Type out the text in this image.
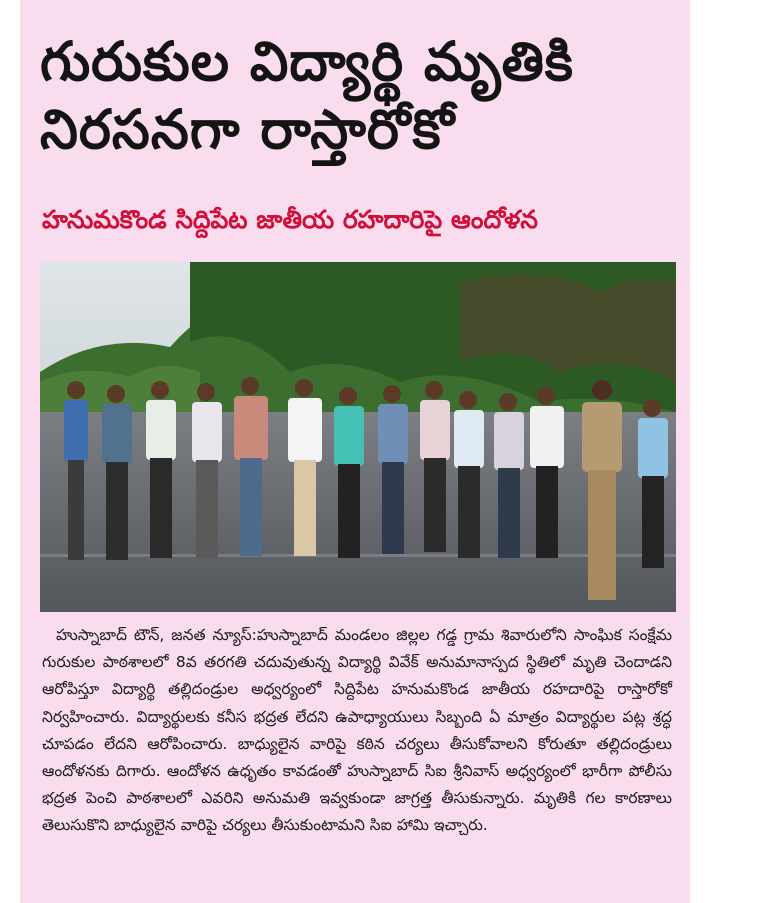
గురుకుల విద్యార్థి మృతికి నిరసనగా రాస్తారోకో
హనుమకొండ సిద్దిపేట జాతీయ రహదారిపై ఆందోళన

హుస్నాబాద్ టౌన్, జనత న్యూస్:హుస్నాబాద్ మండలం జిల్లల గడ్డ గ్రామ శివారులోని సాంఘిక సంక్షేమ గురుకుల పాఠశాలలో 8వ తరగతి చదువుతున్న విద్యార్థి వివేక్ అనుమానాస్పద స్థితిలో మృతి చెందాడని ఆరోపిస్తూ విద్యార్థి తల్లిదండ్రుల అధ్వర్యంలో సిద్దిపేట హనుమకొండ జాతీయ రహదారిపై రాస్తారోకో నిర్వహించారు. విద్యార్థులకు కనీస భద్రత లేదని ఉపాధ్యాయులు సిబ్బంది ఏ మాత్రం విద్యార్థుల పట్ల శ్రద్ధ చూపడం లేదని ఆరోపించారు. బాధ్యులైన వారిపై కఠిన చర్యలు తీసుకోవాలని కోరుతూ తల్లిదండ్రులు ఆందోళనకు దిగారు. ఆందోళన ఉధృతం కావడంతో హుస్నాబాద్ సిఐ శ్రీనివాస్ అధ్వర్యంలో భారీగా పోలీసు భద్రత పెంచి పాఠశాలలో ఎవరిని అనుమతి ఇవ్వకుండా జాగ్రత్త తీసుకున్నారు. మృతికి గల కారణాలు తెలుసుకొని బాధ్యులైన వారిపై చర్యలు తీసుకుంటామని సిఐ హామి ఇచ్చారు.
